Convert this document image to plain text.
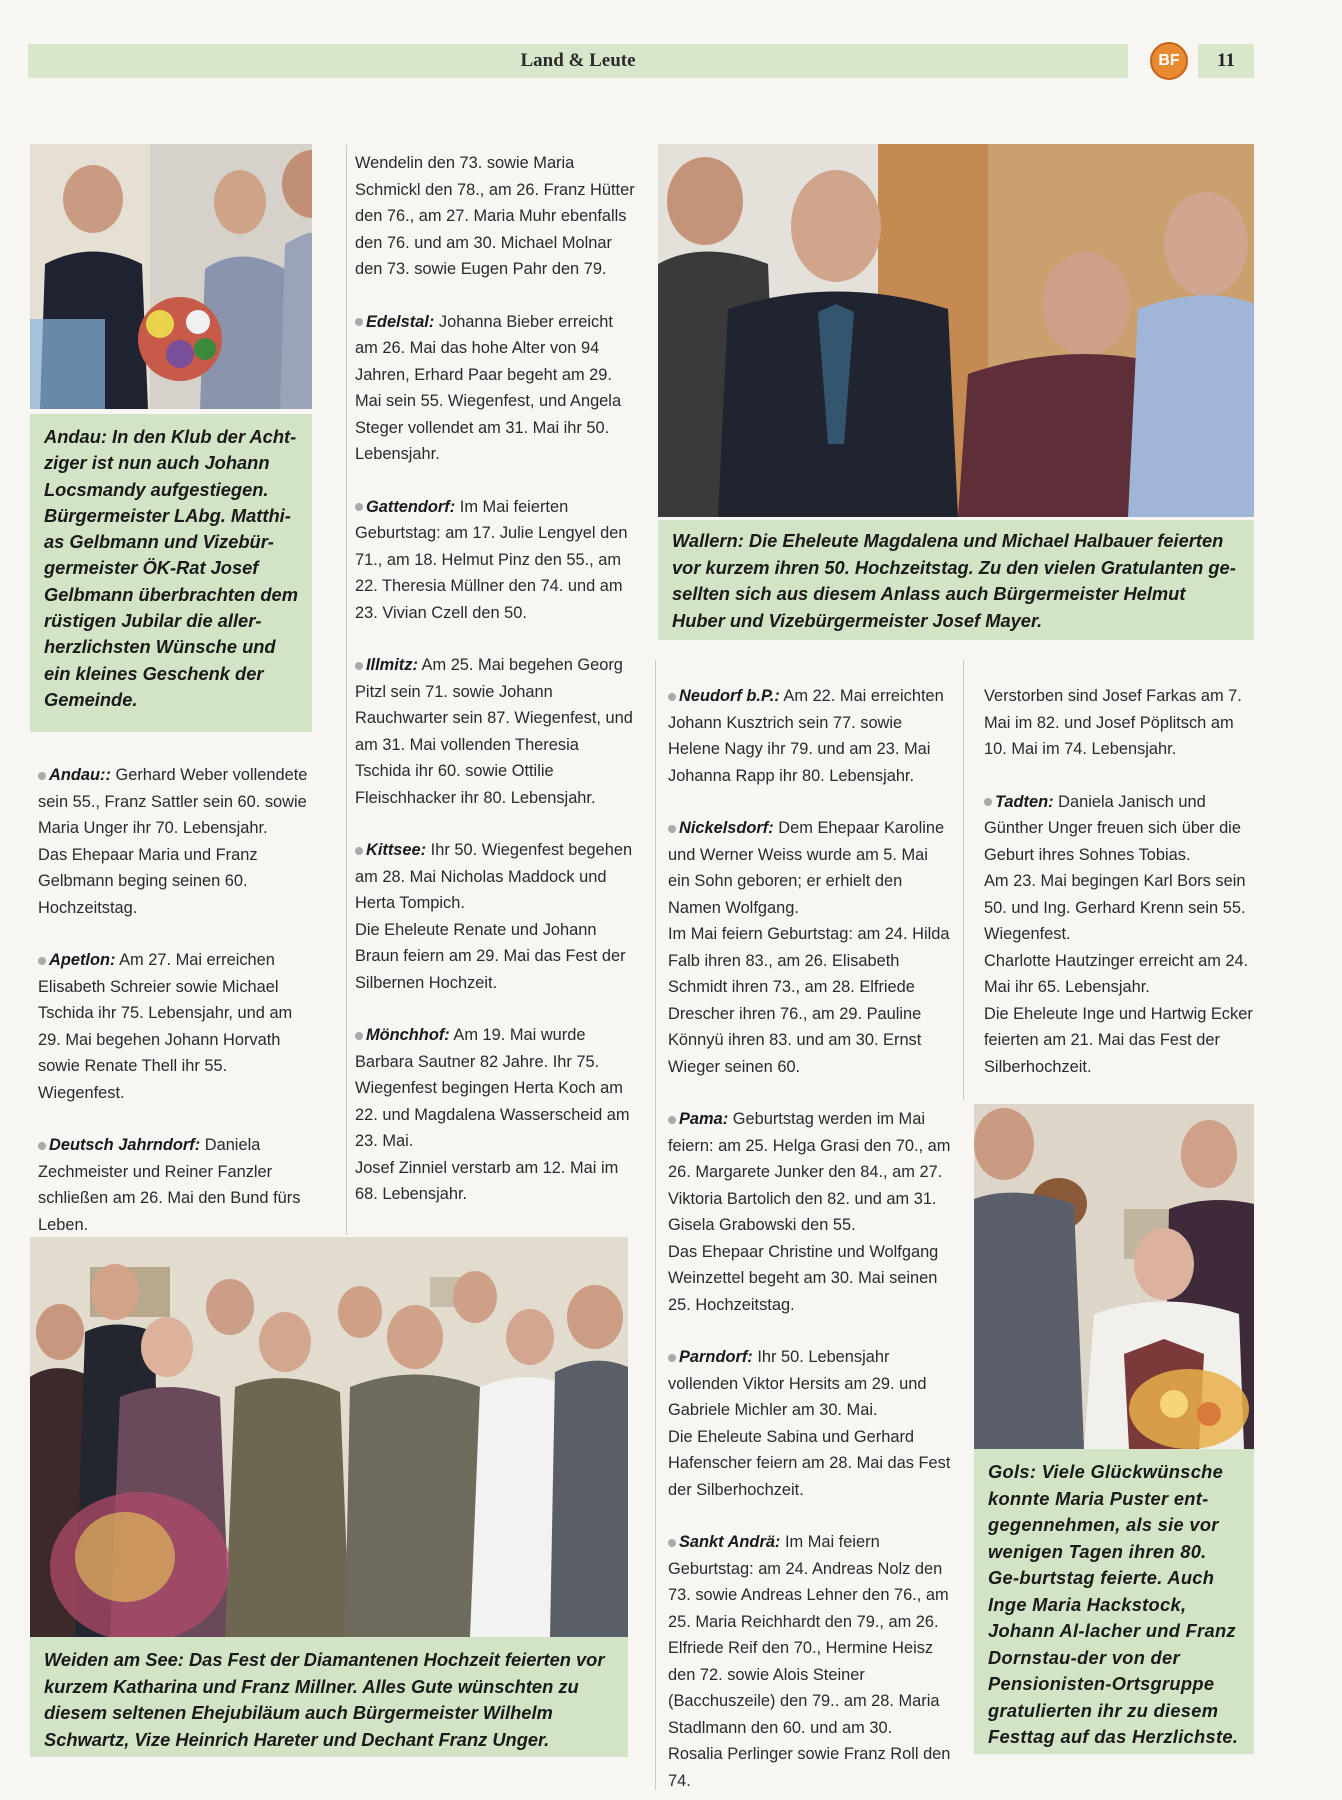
Land & Leute	BF	11
Andau: In den Klub der Acht-ziger ist nun auch Johann Locsmandy aufgestiegen. Bürgermeister LAbg. Matthi-as Gelbmann und Vizebür-germeister ÖK-Rat Josef Gelbmann überbrachten dem rüstigen Jubilar die aller-herzlichsten Wünsche und ein kleines Geschenk der Gemeinde.

Andau:: Gerhard Weber vollendete sein 55., Franz Sattler sein 60. sowie Maria Unger ihr 70. Lebensjahr.
Das Ehepaar Maria und Franz Gelbmann beging seinen 60. Hochzeitstag.

Apetlon: Am 27. Mai erreichen Elisabeth Schreier sowie Michael Tschida ihr 75. Lebensjahr, und am 29. Mai begehen Johann Horvath sowie Renate Thell ihr 55. Wiegenfest.

Deutsch Jahrndorf: Daniela Zechmeister und Reiner Fanzler schließen am 26. Mai den Bund fürs Leben.

Wendelin den 73. sowie Maria Schmickl den 78., am 26. Franz Hütter den 76., am 27. Maria Muhr ebenfalls den 76. und am 30. Michael Molnar den 73. sowie Eugen Pahr den 79.

Edelstal: Johanna Bieber erreicht am 26. Mai das hohe Alter von 94 Jahren, Erhard Paar begeht am 29. Mai sein 55. Wiegenfest, und Angela Steger vollendet am 31. Mai ihr 50. Lebensjahr.

Gattendorf: Im Mai feierten Geburtstag: am 17. Julie Lengyel den 71., am 18. Helmut Pinz den 55., am 22. Theresia Müllner den 74. und am 23. Vivian Czell den 50.

Illmitz: Am 25. Mai begehen Georg Pitzl sein 71. sowie Johann Rauchwarter sein 87. Wiegenfest, und am 31. Mai vollenden Theresia Tschida ihr 60. sowie Ottilie Fleischhacker ihr 80. Lebensjahr.

Kittsee: Ihr 50. Wiegenfest begehen am 28. Mai Nicholas Maddock und Herta Tompich.
Die Eheleute Renate und Johann Braun feiern am 29. Mai das Fest der Silbernen Hochzeit.

Mönchhof: Am 19. Mai wurde Barbara Sautner 82 Jahre. Ihr 75. Wiegenfest begingen Herta Koch am 22. und Magdalena Wasserscheid am 23. Mai.
Josef Zinniel verstarb am 12. Mai im 68. Lebensjahr.

Wallern: Die Eheleute Magdalena und Michael Halbauer feierten vor kurzem ihren 50. Hochzeitstag. Zu den vielen Gratulanten ge-sellten sich aus diesem Anlass auch Bürgermeister Helmut Huber und Vizebürgermeister Josef Mayer.

Neudorf b.P.: Am 22. Mai erreichten Johann Kusztrich sein 77. sowie Helene Nagy ihr 79. und am 23. Mai Johanna Rapp ihr 80. Lebensjahr.

Nickelsdorf: Dem Ehepaar Karoline und Werner Weiss wurde am 5. Mai ein Sohn geboren; er erhielt den Namen Wolfgang.
Im Mai feiern Geburtstag: am 24. Hilda Falb ihren 83., am 26. Elisabeth Schmidt ihren 73., am 28. Elfriede Drescher ihren 76., am 29. Pauline Könnyü ihren 83. und am 30. Ernst Wieger seinen 60.

Pama: Geburtstag werden im Mai feiern: am 25. Helga Grasi den 70., am 26. Margarete Junker den 84., am 27. Viktoria Bartolich den 82. und am 31. Gisela Grabowski den 55.
Das Ehepaar Christine und Wolfgang Weinzettel begeht am 30. Mai seinen 25. Hochzeitstag.

Parndorf: Ihr 50. Lebensjahr vollenden Viktor Hersits am 29. und Gabriele Michler am 30. Mai.
Die Eheleute Sabina und Gerhard Hafenscher feiern am 28. Mai das Fest der Silberhochzeit.

Sankt Andrä: Im Mai feiern Geburtstag: am 24. Andreas Nolz den 73. sowie Andreas Lehner den 76., am 25. Maria Reichhardt den 79., am 26. Elfriede Reif den 70., Hermine Heisz den 72. sowie Alois Steiner (Bacchuszeile) den 79.. am 28. Maria Stadlmann den 60. und am 30. Rosalia Perlinger sowie Franz Roll den 74.

Verstorben sind Josef Farkas am 7. Mai im 82. und Josef Pöplitsch am 10. Mai im 74. Lebensjahr.

Tadten: Daniela Janisch und Günther Unger freuen sich über die Geburt ihres Sohnes Tobias.
Am 23. Mai begingen Karl Bors sein 50. und Ing. Gerhard Krenn sein 55. Wiegenfest.
Charlotte Hautzinger erreicht am 24. Mai ihr 65. Lebensjahr.
Die Eheleute Inge und Hartwig Ecker feierten am 21. Mai das Fest der Silberhochzeit.

Weiden am See: Das Fest der Diamantenen Hochzeit feierten vor kurzem Katharina und Franz Millner. Alles Gute wünschten zu diesem seltenen Ehejubiläum auch Bürgermeister Wilhelm Schwartz, Vize Heinrich Hareter und Dechant Franz Unger.
Gols: Viele Glückwünsche konnte Maria Puster ent-gegennehmen, als sie vor wenigen Tagen ihren 80. Ge-burtstag feierte. Auch Inge Maria Hackstock, Johann Al-lacher und Franz Dornstau-der von der Pensionisten-Ortsgruppe gratulierten ihr zu diesem Festtag auf das Herzlichste.
